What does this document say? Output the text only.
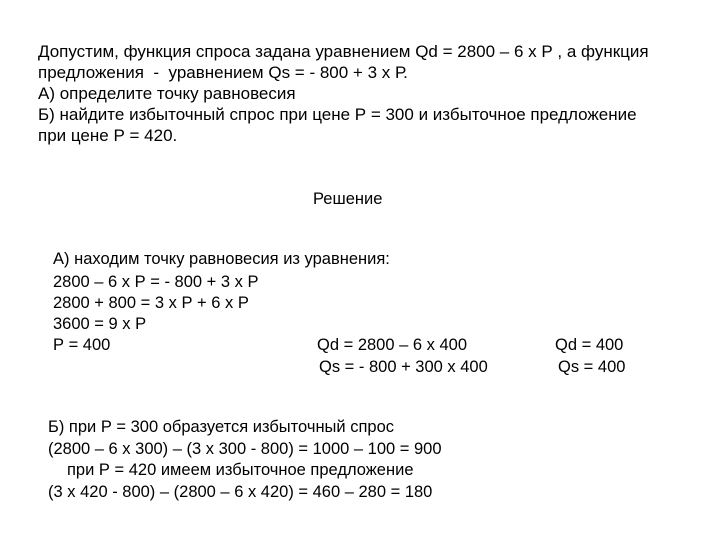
Допустим, функция спроса задана уравнением Qd = 2800 – 6 х Р , а функция
предложения  -  уравнением Qs = - 800 + 3 х Р.
А) определите точку равновесия
Б) найдите избыточный спрос при цене Р = 300 и избыточное предложение
при цене Р = 420.
Решение
А) находим точку равновесия из уравнения:
2800 – 6 х Р = - 800 + 3 х Р
2800 + 800 = 3 х Р + 6 х Р
3600 = 9 х Р
Р = 400	Qd = 2800 – 6 х 400
Qs = - 800 + 300 х 400
Qd = 400
Qs = 400
Б) при Р = 300 образуется избыточный спрос
(2800 – 6 х 300) – (3 х 300 - 800) = 1000 – 100 = 900
при Р = 420 имеем избыточное предложение
(3 х 420 - 800) – (2800 – 6 х 420) = 460 – 280 = 180
